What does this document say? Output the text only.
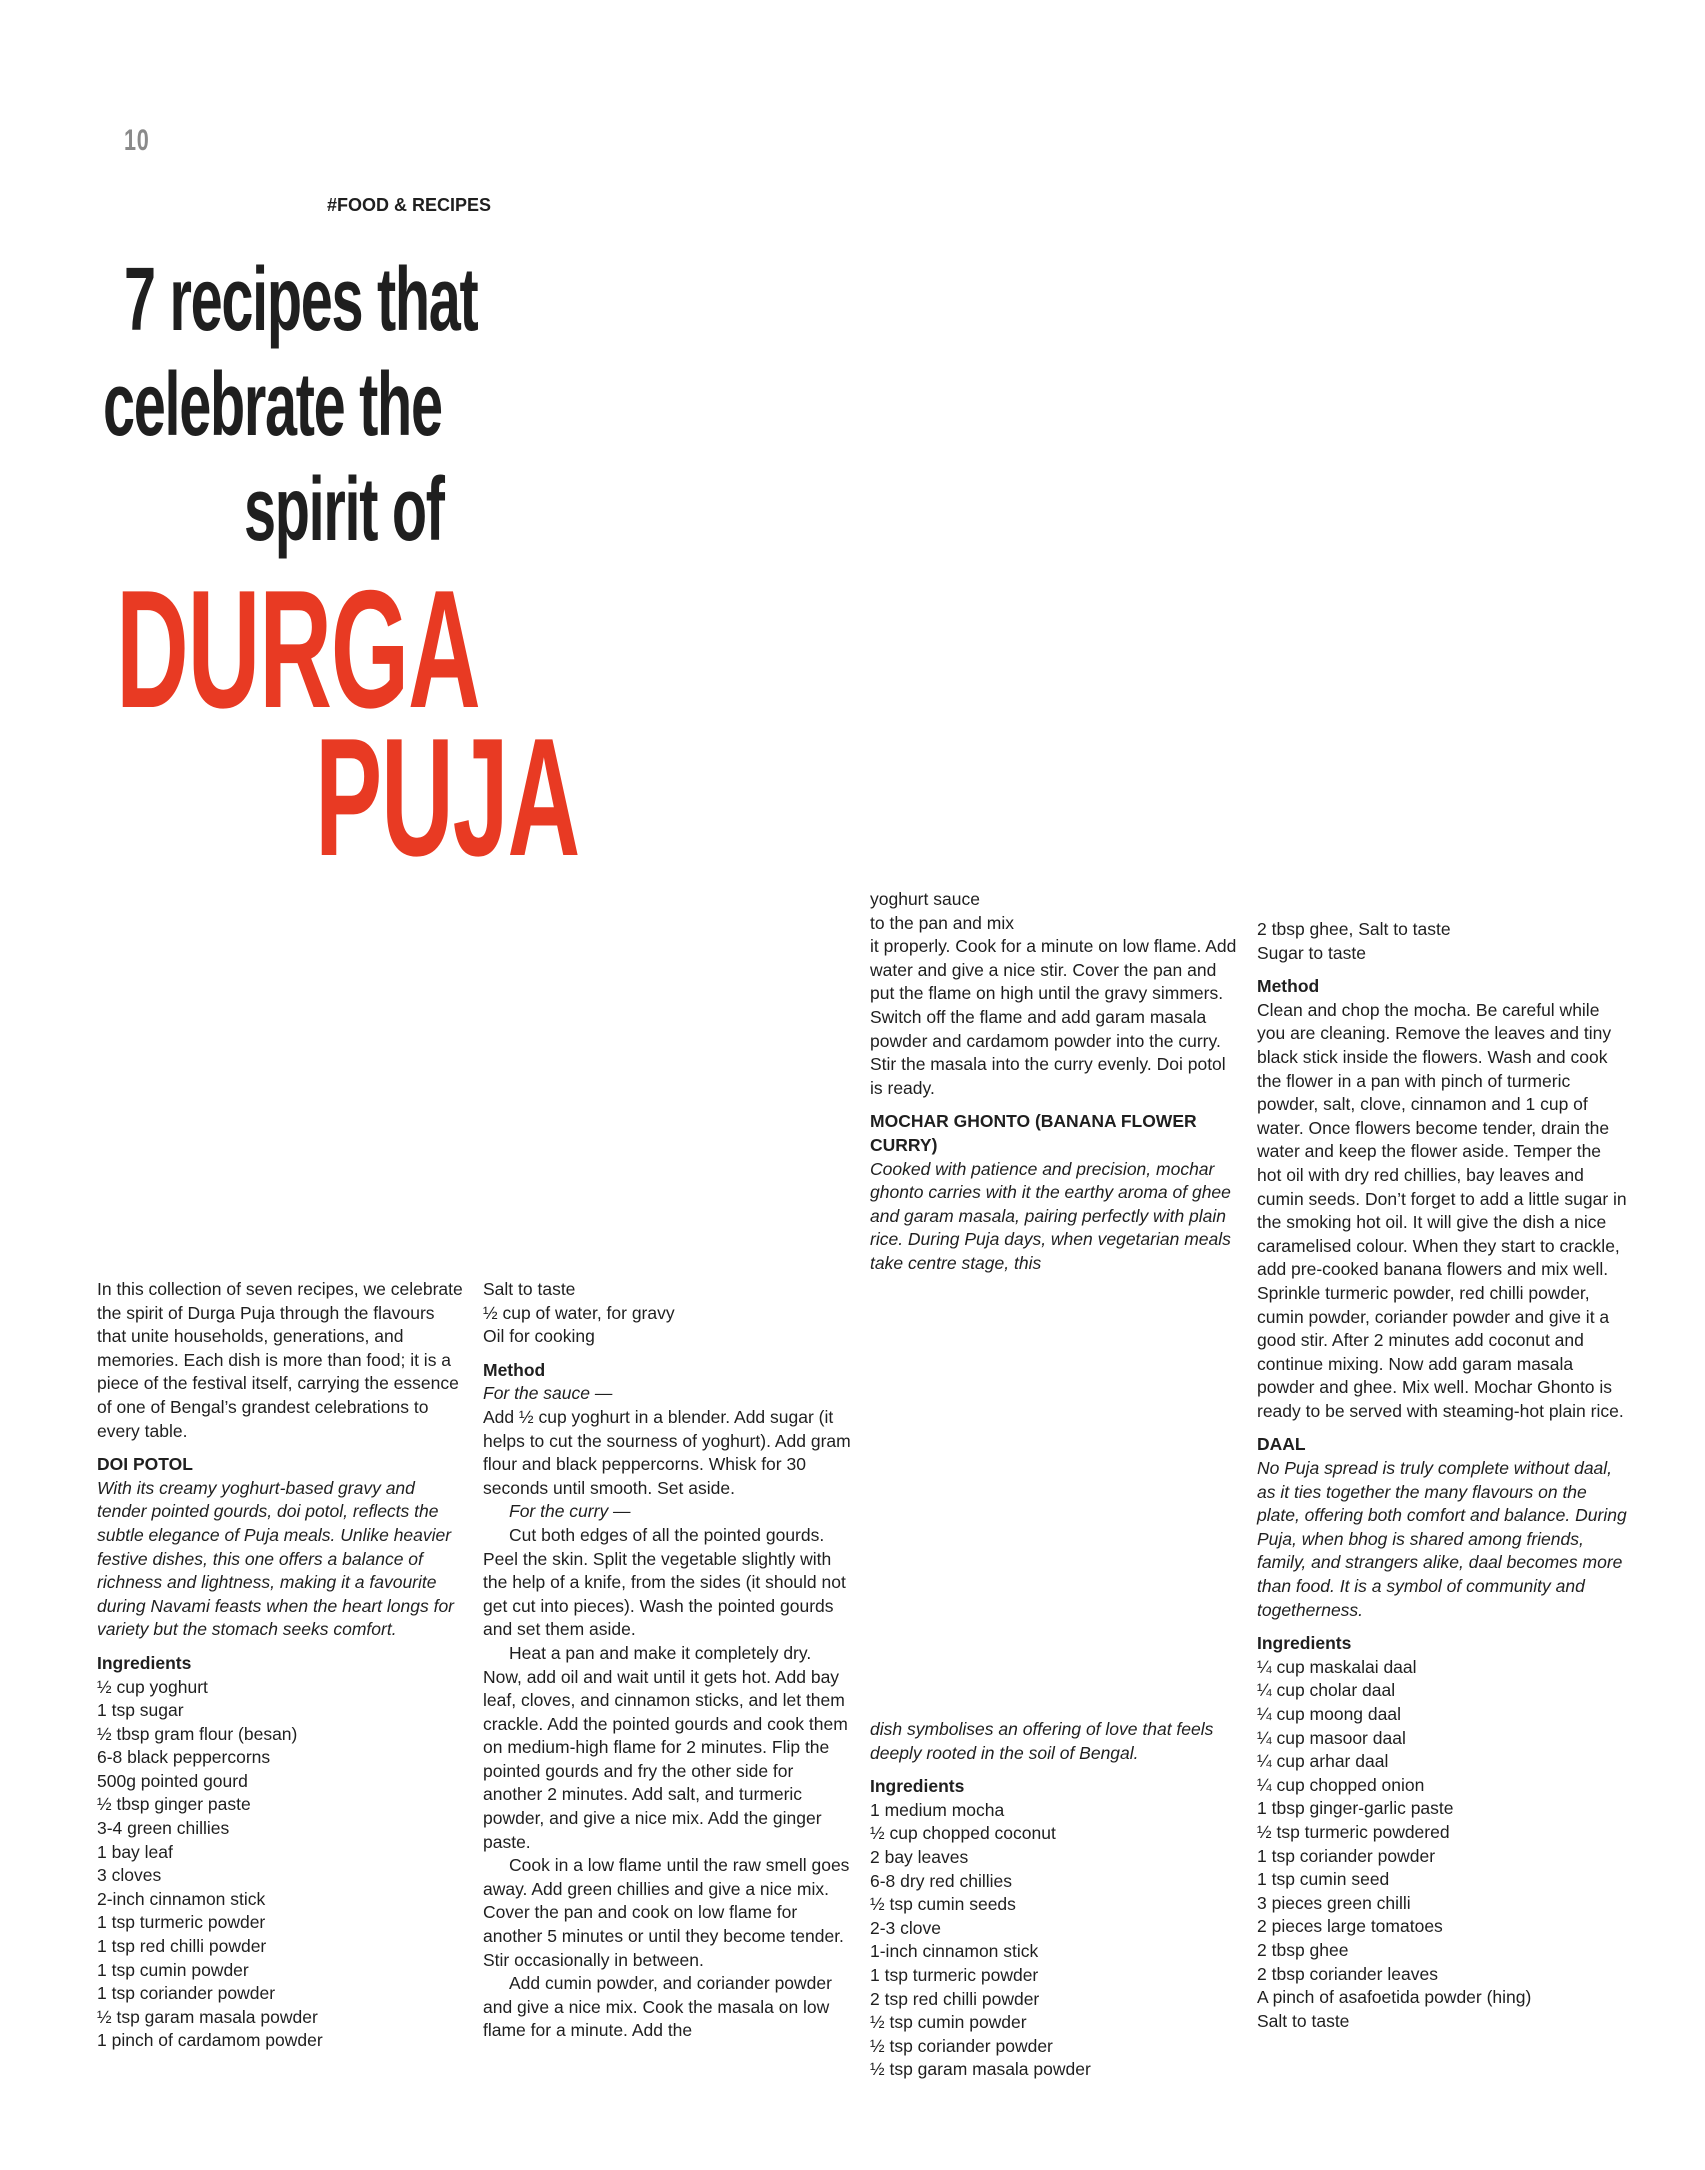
10
#FOOD & RECIPES
7 recipes that
celebrate the
spirit of
DURGA
PUJA

In this collection of seven recipes, we celebrate the spirit of Durga Puja through the flavours that unite households, generations, and memories. Each dish is more than food; it is a piece of the festival itself, carrying the essence of one of Bengal’s grandest celebrations to every table.

DOI POTOL

With its creamy yoghurt-based gravy and tender pointed gourds, doi potol, reflects the subtle elegance of Puja meals. Unlike heavier festive dishes, this one offers a balance of richness and lightness, making it a favourite during Navami feasts when the heart longs for variety but the stomach seeks comfort.

Ingredients

½ cup yoghurt
1 tsp sugar
½ tbsp gram flour (besan)
6-8 black peppercorns
500g pointed gourd
½ tbsp ginger paste
3-4 green chillies
1 bay leaf
3 cloves
2-inch cinnamon stick
1 tsp turmeric powder
1 tsp red chilli powder
1 tsp cumin powder
1 tsp coriander powder
½ tsp garam masala powder
1 pinch of cardamom powder
Salt to taste
½ cup of water, for gravy
Oil for cooking

Method

For the sauce —

Add ½ cup yoghurt in a blender. Add sugar (it helps to cut the sourness of yoghurt). Add gram flour and black peppercorns. Whisk for 30 seconds until smooth. Set aside.

For the curry —

Cut both edges of all the pointed gourds. Peel the skin. Split the vegetable slightly with the help of a knife, from the sides (it should not get cut into pieces). Wash the pointed gourds and set them aside.

Heat a pan and make it completely dry. Now, add oil and wait until it gets hot. Add bay leaf, cloves, and cinnamon sticks, and let them crackle. Add the pointed gourds and cook them on medium-high flame for 2 minutes. Flip the pointed gourds and fry the other side for another 2 minutes. Add salt, and turmeric powder, and give a nice mix. Add the ginger paste.

Cook in a low flame until the raw smell goes away. Add green chillies and give a nice mix. Cover the pan and cook on low flame for another 5 minutes or until they become tender. Stir occasionally in between.

Add cumin powder, and coriander powder and give a nice mix. Cook the masala on low flame for a minute. Add the

yoghurt sauce

to the pan and mix

it properly. Cook for a minute on low flame. Add water and give a nice stir. Cover the pan and put the flame on high until the gravy simmers. Switch off the flame and add garam masala powder and cardamom powder into the curry. Stir the masala into the curry evenly. Doi potol is ready.

MOCHAR GHONTO (BANANA FLOWER CURRY)

Cooked with patience and precision, mochar ghonto carries with it the earthy aroma of ghee and garam masala, pairing perfectly with plain rice. During Puja days, when vegetarian meals take centre stage, this

dish symbolises an offering of love that feels deeply rooted in the soil of Bengal.

Ingredients

1 medium mocha
½ cup chopped coconut
2 bay leaves
6-8 dry red chillies
½ tsp cumin seeds
2-3 clove
1-inch cinnamon stick
1 tsp turmeric powder
2 tsp red chilli powder
½ tsp cumin powder
½ tsp coriander powder
½ tsp garam masala powder
2 tbsp ghee, Salt to taste
Sugar to taste

Method

Clean and chop the mocha. Be careful while you are cleaning. Remove the leaves and tiny black stick inside the flowers. Wash and cook the flower in a pan with pinch of turmeric powder, salt, clove, cinnamon and 1 cup of water. Once flowers become tender, drain the water and keep the flower aside. Temper the hot oil with dry red chillies, bay leaves and cumin seeds. Don’t forget to add a little sugar in the smoking hot oil. It will give the dish a nice caramelised colour. When they start to crackle, add pre-cooked banana flowers and mix well. Sprinkle turmeric powder, red chilli powder, cumin powder, coriander powder and give it a good stir. After 2 minutes add coconut and continue mixing. Now add garam masala powder and ghee. Mix well. Mochar Ghonto is ready to be served with steaming-hot plain rice.

DAAL

No Puja spread is truly complete without daal, as it ties together the many flavours on the plate, offering both comfort and balance. During Puja, when bhog is shared among friends, family, and strangers alike, daal becomes more than food. It is a symbol of community and togetherness.

Ingredients

¼ cup maskalai daal
¼ cup cholar daal
¼ cup moong daal
¼ cup masoor daal
¼ cup arhar daal
¼ cup chopped onion
1 tbsp ginger-garlic paste
½ tsp turmeric powdered
1 tsp coriander powder
1 tsp cumin seed
3 pieces green chilli
2 pieces large tomatoes
2 tbsp ghee
2 tbsp coriander leaves
A pinch of asafoetida powder (hing)
Salt to taste
